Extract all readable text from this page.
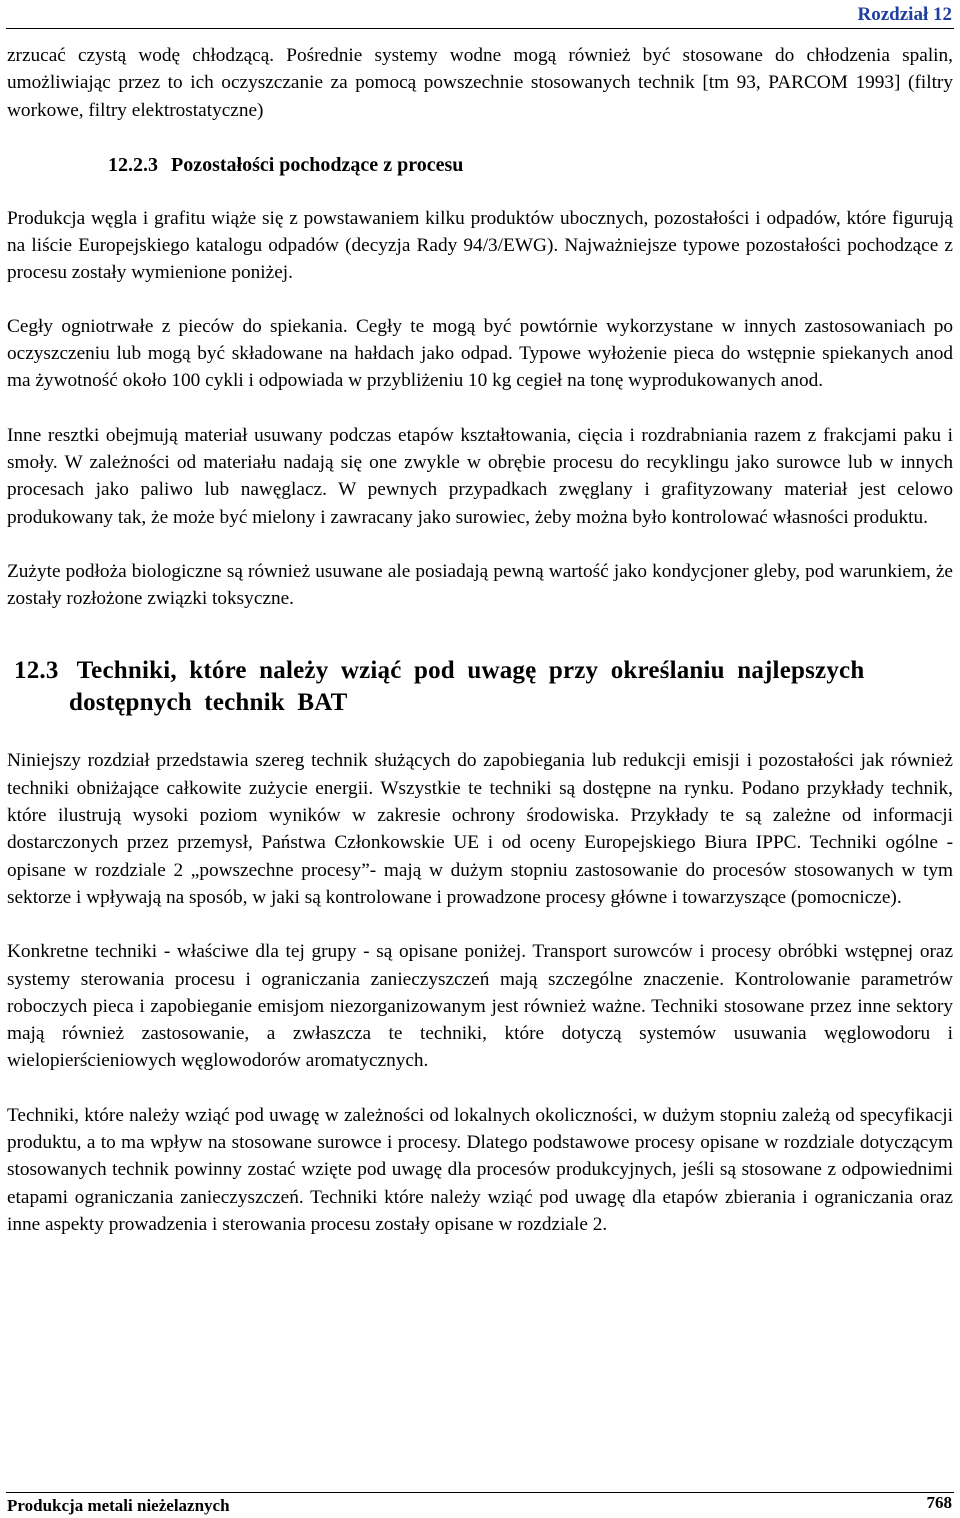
Rozdział 12

zrzucać czystą wodę chłodzącą. Pośrednie systemy wodne mogą również być stosowane do chłodzenia spalin, umożliwiając przez to ich oczyszczanie za pomocą powszechnie stosowanych technik [tm 93, PARCOM 1993] (filtry workowe, filtry elektrostatyczne)

12.2.3 Pozostałości pochodzące z procesu

Produkcja węgla i grafitu wiąże się z powstawaniem kilku produktów ubocznych, pozostałości i odpadów, które figurują na liście Europejskiego katalogu odpadów (decyzja Rady 94/3/EWG). Najważniejsze typowe pozostałości pochodzące z procesu zostały wymienione poniżej.

Cegły ogniotrwałe z pieców do spiekania. Cegły te mogą być powtórnie wykorzystane w innych zastosowaniach po oczyszczeniu lub mogą być składowane na hałdach jako odpad. Typowe wyłożenie pieca do wstępnie spiekanych anod ma żywotność około 100 cykli i odpowiada w przybliżeniu 10 kg cegieł na tonę wyprodukowanych anod.

Inne resztki obejmują materiał usuwany podczas etapów kształtowania, cięcia i rozdrabniania razem z frakcjami paku i smoły. W zależności od materiału nadają się one zwykle w obrębie procesu do recyklingu jako surowce lub w innych procesach jako paliwo lub nawęglacz. W pewnych przypadkach zwęglany i grafityzowany materiał jest celowo produkowany tak, że może być mielony i zawracany jako surowiec, żeby można było kontrolować własności produktu.

Zużyte podłoża biologiczne są również usuwane ale posiadają pewną wartość jako kondycjoner gleby, pod warunkiem, że zostały rozłożone związki toksyczne.

12.3 Techniki, które należy wziąć pod uwagę przy określaniu najlepszych dostępnych technik BAT

Niniejszy rozdział przedstawia szereg technik służących do zapobiegania lub redukcji emisji i pozostałości jak również techniki obniżające całkowite zużycie energii. Wszystkie te techniki są dostępne na rynku. Podano przykłady technik, które ilustrują wysoki poziom wyników w zakresie ochrony środowiska. Przykłady te są zależne od informacji dostarczonych przez przemysł, Państwa Członkowskie UE i od oceny Europejskiego Biura IPPC. Techniki ogólne - opisane w rozdziale 2 „powszechne procesy”- mają w dużym stopniu zastosowanie do procesów stosowanych w tym sektorze i wpływają na sposób, w jaki są kontrolowane i prowadzone procesy główne i towarzyszące (pomocnicze).

Konkretne techniki - właściwe dla tej grupy - są opisane poniżej. Transport surowców i procesy obróbki wstępnej oraz systemy sterowania procesu i ograniczania zanieczyszczeń mają szczególne znaczenie. Kontrolowanie parametrów roboczych pieca i zapobieganie emisjom niezorganizowanym jest również ważne. Techniki stosowane przez inne sektory mają również zastosowanie, a zwłaszcza te techniki, które dotyczą systemów usuwania węglowodoru i wielopierścieniowych węglowodorów aromatycznych.

Techniki, które należy wziąć pod uwagę w zależności od lokalnych okoliczności, w dużym stopniu zależą od specyfikacji produktu, a to ma wpływ na stosowane surowce i procesy. Dlatego podstawowe procesy opisane w rozdziale dotyczącym stosowanych technik powinny zostać wzięte pod uwagę dla procesów produkcyjnych, jeśli są stosowane z odpowiednimi etapami ograniczania zanieczyszczeń. Techniki które należy wziąć pod uwagę dla etapów zbierania i ograniczania oraz inne aspekty prowadzenia i sterowania procesu zostały opisane w rozdziale 2.

Produkcja metali nieżelaznych	768
